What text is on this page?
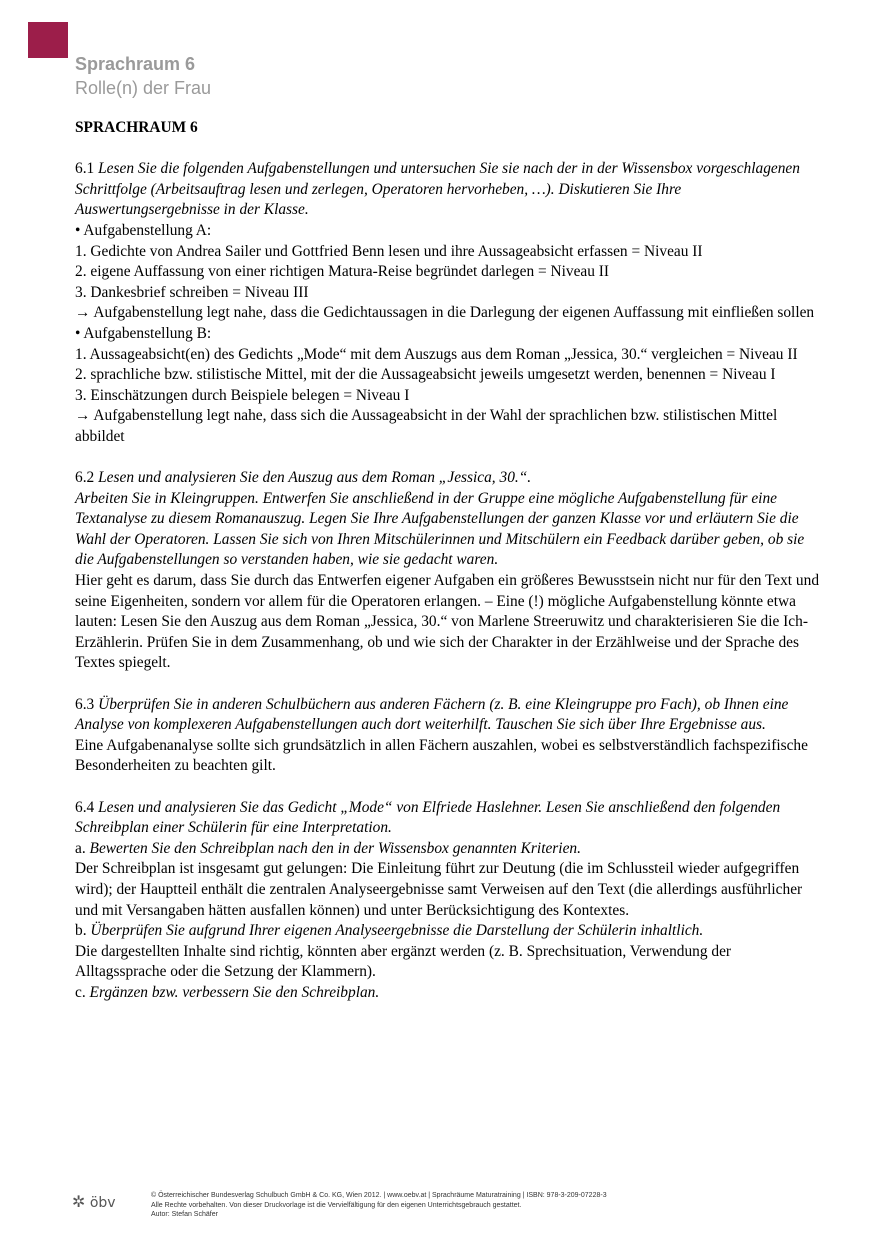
Sprachraum 6
Rolle(n) der Frau

SPRACHRAUM 6

6.1 Lesen Sie die folgenden Aufgabenstellungen und untersuchen Sie sie nach der in der Wissensbox vorgeschlagenen Schrittfolge (Arbeitsauftrag lesen und zerlegen, Operatoren hervorheben, …). Diskutieren Sie Ihre Auswertungsergebnisse in der Klasse.

• Aufgabenstellung A:

1. Gedichte von Andrea Sailer und Gottfried Benn lesen und ihre Aussageabsicht erfassen = Niveau II

2. eigene Auffassung von einer richtigen Matura-Reise begründet darlegen = Niveau II

3. Dankesbrief schreiben = Niveau III

→ Aufgabenstellung legt nahe, dass die Gedichtaussagen in die Darlegung der eigenen Auffassung mit einfließen sollen

• Aufgabenstellung B:

1. Aussageabsicht(en) des Gedichts „Mode“ mit dem Auszugs aus dem Roman „Jessica, 30.“ vergleichen = Niveau II

2. sprachliche bzw. stilistische Mittel, mit der die Aussageabsicht jeweils umgesetzt werden, benennen = Niveau I

3. Einschätzungen durch Beispiele belegen = Niveau I

→ Aufgabenstellung legt nahe, dass sich die Aussageabsicht in der Wahl der sprachlichen bzw. stilistischen Mittel abbildet

6.2 Lesen und analysieren Sie den Auszug aus dem Roman „Jessica, 30.“.

Arbeiten Sie in Kleingruppen. Entwerfen Sie anschließend in der Gruppe eine mögliche Aufgabenstellung für eine Textanalyse zu diesem Romanauszug. Legen Sie Ihre Aufgabenstellungen der ganzen Klasse vor und erläutern Sie die Wahl der Operatoren. Lassen Sie sich von Ihren Mitschülerinnen und Mitschülern ein Feedback darüber geben, ob sie die Aufgabenstellungen so verstanden haben, wie sie gedacht waren.

Hier geht es darum, dass Sie durch das Entwerfen eigener Aufgaben ein größeres Bewusstsein nicht nur für den Text und seine Eigenheiten, sondern vor allem für die Operatoren erlangen. – Eine (!) mögliche Aufgabenstellung könnte etwa lauten: Lesen Sie den Auszug aus dem Roman „Jessica, 30.“ von Marlene Streeruwitz und charakterisieren Sie die Ich-Erzählerin. Prüfen Sie in dem Zusammenhang, ob und wie sich der Charakter in der Erzählweise und der Sprache des Textes spiegelt.

6.3 Überprüfen Sie in anderen Schulbüchern aus anderen Fächern (z. B. eine Kleingruppe pro Fach), ob Ihnen eine Analyse von komplexeren Aufgabenstellungen auch dort weiterhilft. Tauschen Sie sich über Ihre Ergebnisse aus.

Eine Aufgabenanalyse sollte sich grundsätzlich in allen Fächern auszahlen, wobei es selbstverständlich fachspezifische Besonderheiten zu beachten gilt.

6.4 Lesen und analysieren Sie das Gedicht „Mode“ von Elfriede Haslehner. Lesen Sie anschließend den folgenden Schreibplan einer Schülerin für eine Interpretation.

a. Bewerten Sie den Schreibplan nach den in der Wissensbox genannten Kriterien.

Der Schreibplan ist insgesamt gut gelungen: Die Einleitung führt zur Deutung (die im Schlussteil wieder aufgegriffen wird); der Hauptteil enthält die zentralen Analyseergebnisse samt Verweisen auf den Text (die allerdings ausführlicher und mit Versangaben hätten ausfallen können) und unter Berücksichtigung des Kontextes.

b. Überprüfen Sie aufgrund Ihrer eigenen Analyseergebnisse die Darstellung der Schülerin inhaltlich.

Die dargestellten Inhalte sind richtig, könnten aber ergänzt werden (z. B. Sprechsituation, Verwendung der Alltagssprache oder die Setzung der Klammern).

c. Ergänzen bzw. verbessern Sie den Schreibplan.

✲ öbv	© Österreichischer Bundesverlag Schulbuch GmbH & Co. KG, Wien 2012. | www.oebv.at | Sprachräume Maturatraining | ISBN: 978-3-209-07228-3

Alle Rechte vorbehalten. Von dieser Druckvorlage ist die Vervielfältigung für den eigenen Unterrichtsgebrauch gestattet.

Autor: Stefan Schäfer
